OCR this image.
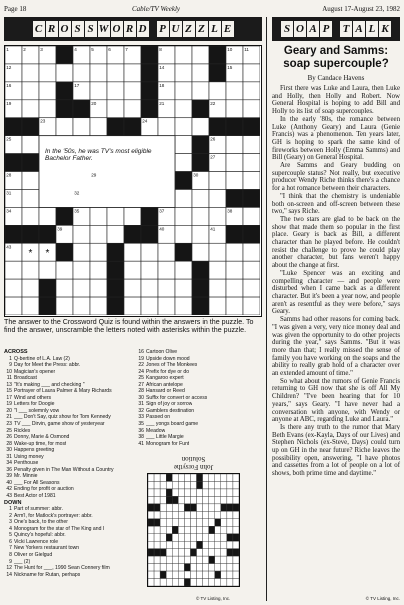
Page 18	Cable/TV Weekly	August 17-August 23, 1982
C R O S S W O R D P U Z Z L E	S O A P T A L K
In the '50s, he was TV's most eligible Bachelor Father.
1	2	3	4	5	6	7	8	10	11
12	14	15
16	17	18
19	20	21	22
23	24
25	26
27
28	29	30
31	32
34	35	37	38
39	40	41
43
* *
The answer to the Crossword Quiz is found within the answers in the puzzle. To find the answer, unscramble the letters noted with asterisks within the puzzle.
ACROSS
1 Q-bertine of L.A. Law (2)
9 Day for Meet the Press: abbr.
10 Magician's opener
11 Broadcast
13 "It's making ___ and checking "
15 Portrayer of Laura Palmer & Mary Richards
17 Wind and others
19 Letters for Doogie
20 "I ___ solemnly vow
21 ___ Don't Say, quiz show for Tom Kennedy
23 TV ___ Dirvin, game show of yesteryear
25 Rickles
26 Donny, Marie & Osmond
28 Wake-up time, for most
30 Happens greeting
31 Using money
34 Penthouse
36 Penalty given in The Man Without a Country
39 Mr. Minnie
40 ___ For All Seasons
42 Ending for profit or auction
43 Best Actor of 1981
DOWN
1 Part of summer: abbr.
2 Arm'l, for Matlock's portrayer: abbr.
3 One's back, to the other
4 Monogram for the star of The King and I
5 Quincy's hopeful: abbr.
6 Vicki Lawrence role
7 New Yorkers restaurant town
8 Oliver or Gielgud
9 ___ (2)
12 The Hunt for ___, 1990 Sean Connery film
14 Nickname for Rutan, perhaps
16 Cartoon Olive
19 Upside down mood
22 Jones of The Monkees
24 Prefix for dye or do
25 Kangaroo expert
27 African antelope
28 Hansard or Reed
30 Suffix for convert or access
31 Sign of joy or sorrow
32 Gamblers destination
33 Passed on
35 ___ yongs board game
36 Meadow
38 ___ Little Margie
41 Monogram for Funt
Solution
John Forsythe
© TV Listing, Inc.
Geary and Samms: soap supercouple?
By Candace Havens

First there was Luke and Laura, then Luke and Holly, then Holly and Robert. Now General Hospital is hoping to add Bill and Holly to its list of soap supercouples.

In the early '80s, the romance between Luke (Anthony Geary) and Laura (Genie Francis) was a phenomenon. Ten years later, GH is hoping to spark the same kind of fireworks between Holly (Emma Samms) and Bill (Geary) on General Hospital.

Are Samms and Geary budding on supercouple status? Not really, but executive producer Wendy Riche thinks there's a chance for a hot romance between their characters.

"I think that the chemistry is undeniable both on-screen and off-screen between these two," says Riche.

The two stars are glad to be back on the show that made them so popular in the first place. Geary is back as Bill, a different character than he played before. He couldn't resist the challenge to prove he could play another character, but fans weren't happy about the change at first.

"Luke Spencer was an exciting and compelling character — and people were disturbed when I came back as a different character. But it's been a year now, and people aren't as resentful as they were before," says Geary.

Samms had other reasons for coming back. "I was given a very, very nice money deal and was given the opportunity to do other projects during the year," says Samms. "But it was more than that; I really missed the sense of family you have working on the soaps and the ability to really grab hold of a character over an extended amount of time."

So what about the rumors of Genie Francis returning to GH now that she is off All My Children? "I've been hearing that for 10 years," says Geary. "I have never had a conversation with anyone, with Wendy or anyone at ABC, regarding Luke and Laura."

Is there any truth to the rumor that Mary Beth Evans (ex-Kayla, Days of our Lives) and Stephen Nichols (ex-Steve, Days) could turn up on GH in the near future? Riche leaves the possibility open, answering, "I have photos and cassettes from a lot of people on a lot of shows, both prime time and daytime."

© TV Listing, Inc.
